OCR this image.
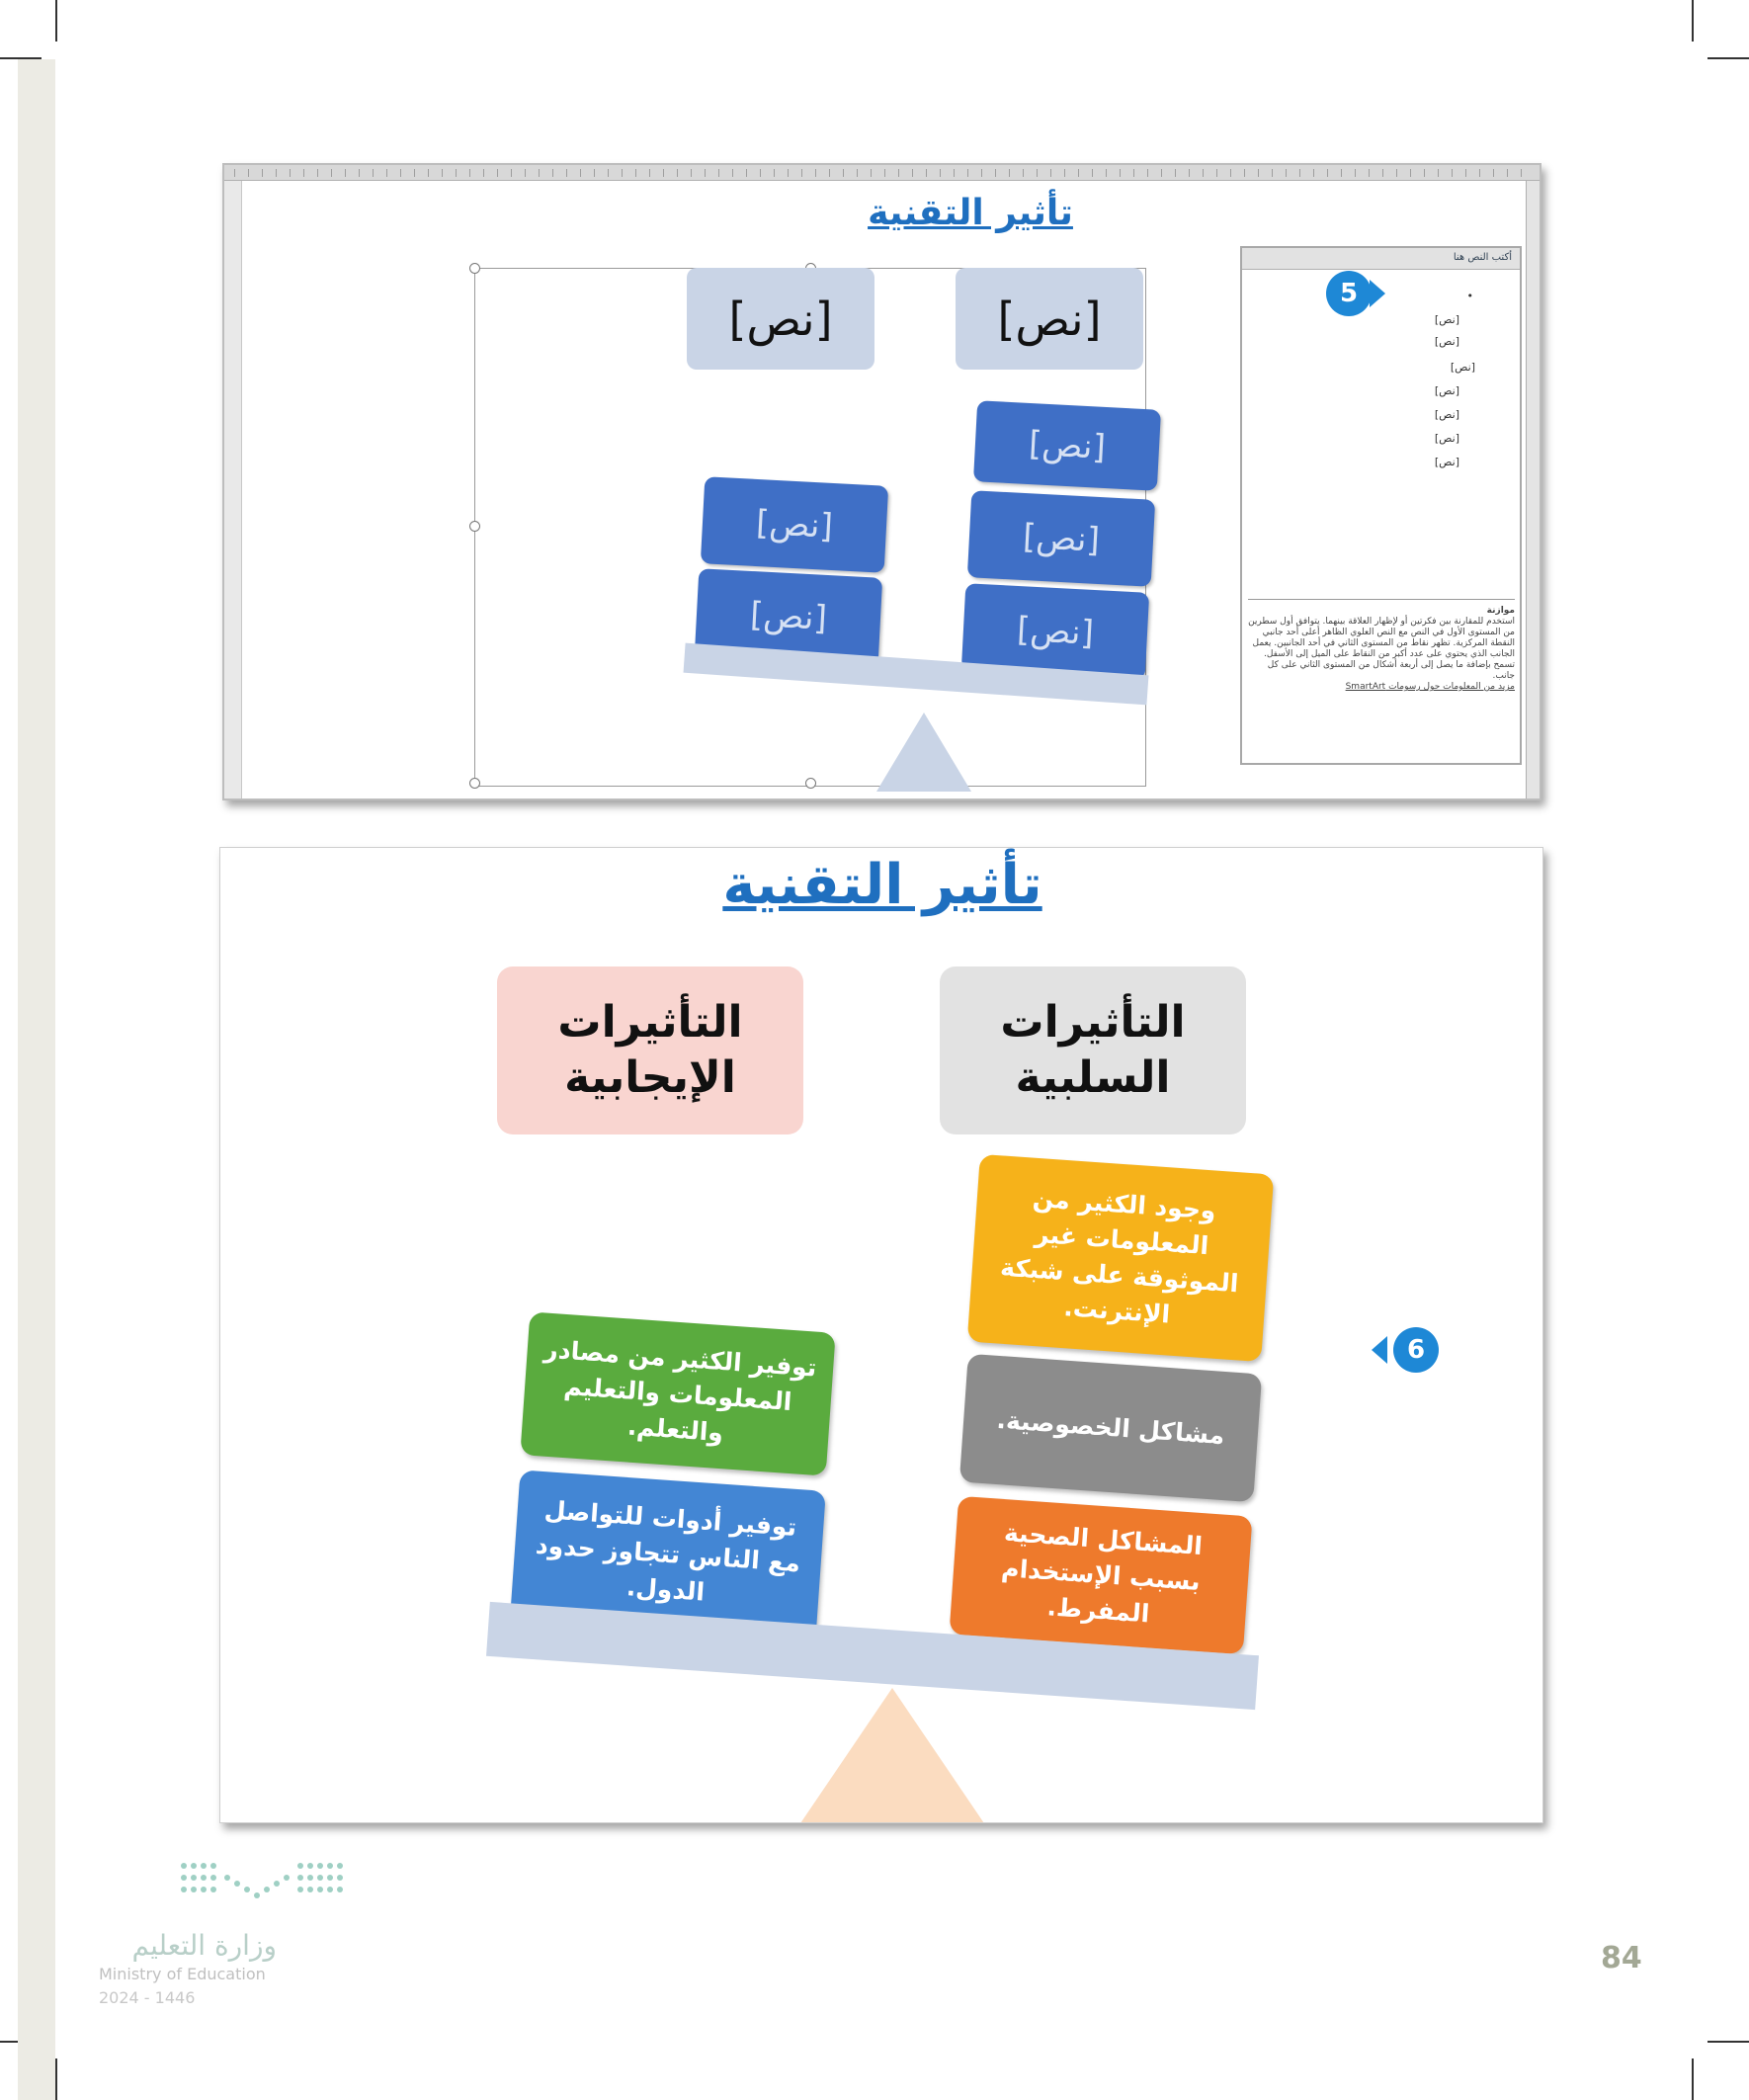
تأثير التقنية
[نص]	[نص]
[نص]
[نص]
[نص]
[نص]
[نص]
أكتب النص هنا
•
[نص]
[نص]
[نص]
[نص]
[نص]
[نص]
[نص]
موازنة
استخدم للمقارنة بين فكرتين أو لإظهار العلاقة بينهما. يتوافق أول سطرين من المستوى الأول في النص مع النص العلوي الظاهر أعلى أحد جانبي النقطة المركزية. تظهر نقاط من المستوى الثاني في أحد الجانبين. يعمل الجانب الذي يحتوي على عدد أكبر من النقاط على الميل إلى الأسفل. تسمح بإضافة ما يصل إلى أربعة أشكال من المستوى الثاني على كل جانب.
مزيد من المعلومات حول رسومات SmartArt
5
تأثير التقنية
التأثيرات الإيجابية
التأثيرات السلبية
وجود الكثير من المعلومات غير الموثوقة على شبكة الإنترنت.
مشاكل الخصوصية.
المشاكل الصحية بسبب الإستخدام المفرط.
توفير الكثير من مصادر المعلومات والتعليم والتعلم.
توفير أدوات للتواصل مع الناس تتجاوز حدود الدول.
6
وزارة التعليم
Ministry of Education
2024 - 1446
84
